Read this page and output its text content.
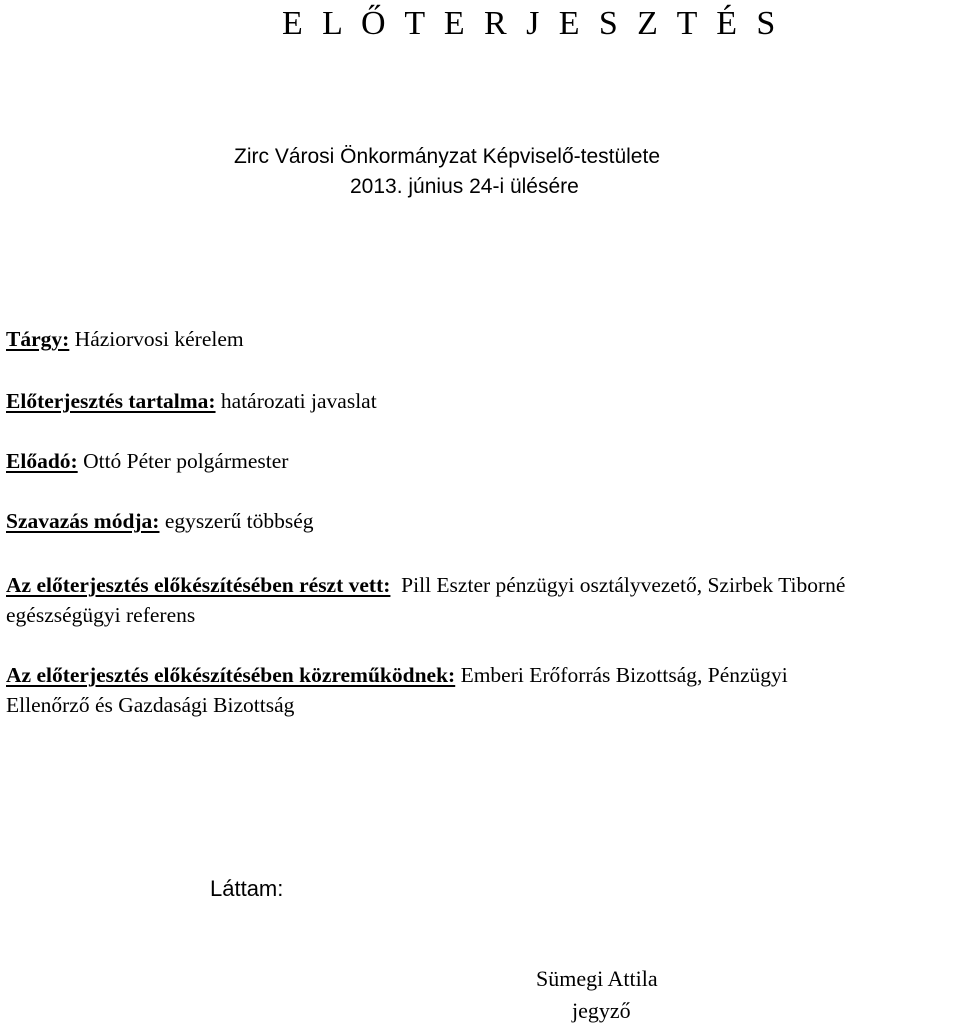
E L Ő T E R J E S Z T É S
Zirc Városi Önkormányzat Képviselő-testülete
2013. június 24-i ülésére
Tárgy: Háziorvosi kérelem
Előterjesztés tartalma: határozati javaslat
Előadó: Ottó Péter polgármester
Szavazás módja: egyszerű többség
Az előterjesztés előkészítésében részt vett: Pill Eszter pénzügyi osztályvezető, Szirbek Tiborné egészségügyi referens
Az előterjesztés előkészítésében közreműködnek: Emberi Erőforrás Bizottság, Pénzügyi Ellenőrző és Gazdasági Bizottság
Láttam:
Sümegi Attila
jegyző
